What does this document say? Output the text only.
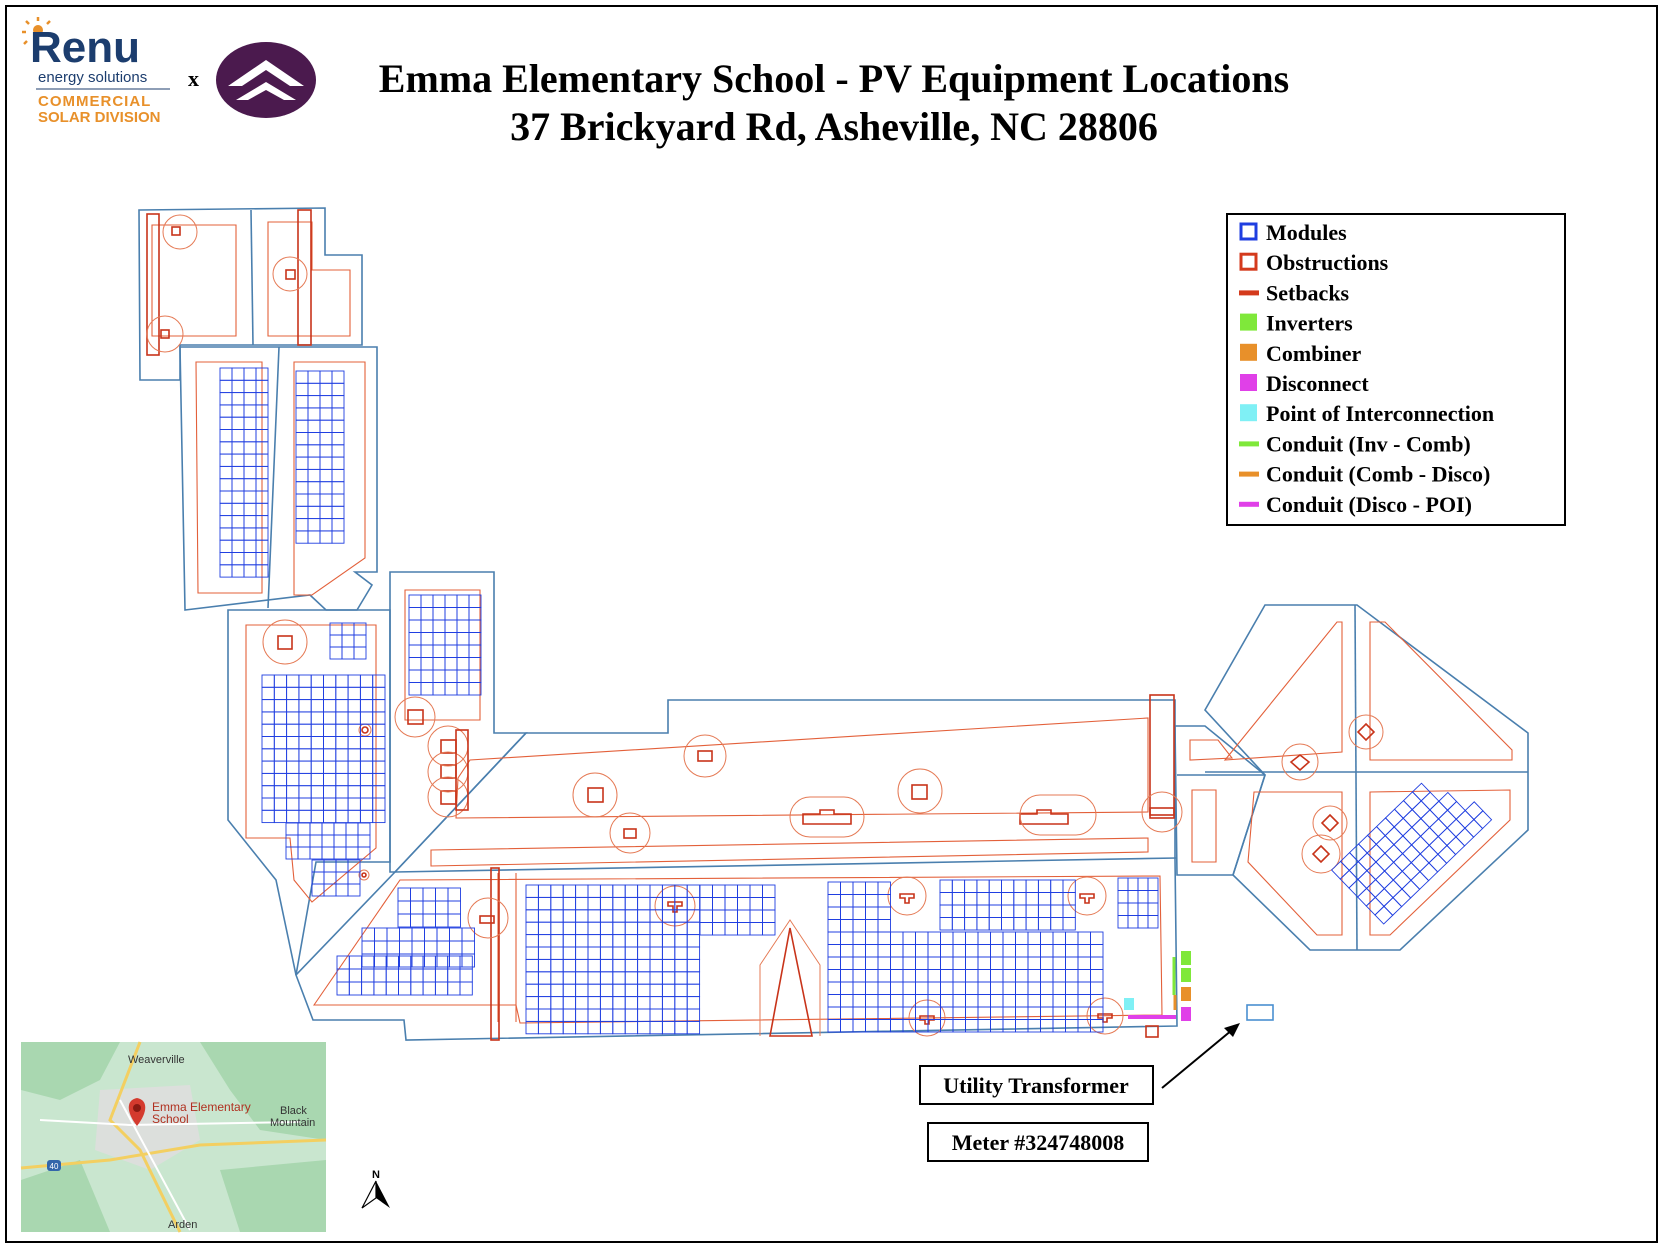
Renu
energy solutions
COMMERCIAL
SOLAR DIVISION
x	Emma Elementary School - PV Equipment Locations
37 Brickyard Rd, Asheville, NC 28806
Modules
Obstructions
Setbacks
Inverters
Combiner
Disconnect
Point of Interconnection
Conduit (Inv - Comb)
Conduit (Comb - Disco)
Conduit (Disco - POI)
Utility Transformer
Meter #324748008
N
40
Weaverville
Emma Elementary
School
Black
Mountain
Arden
